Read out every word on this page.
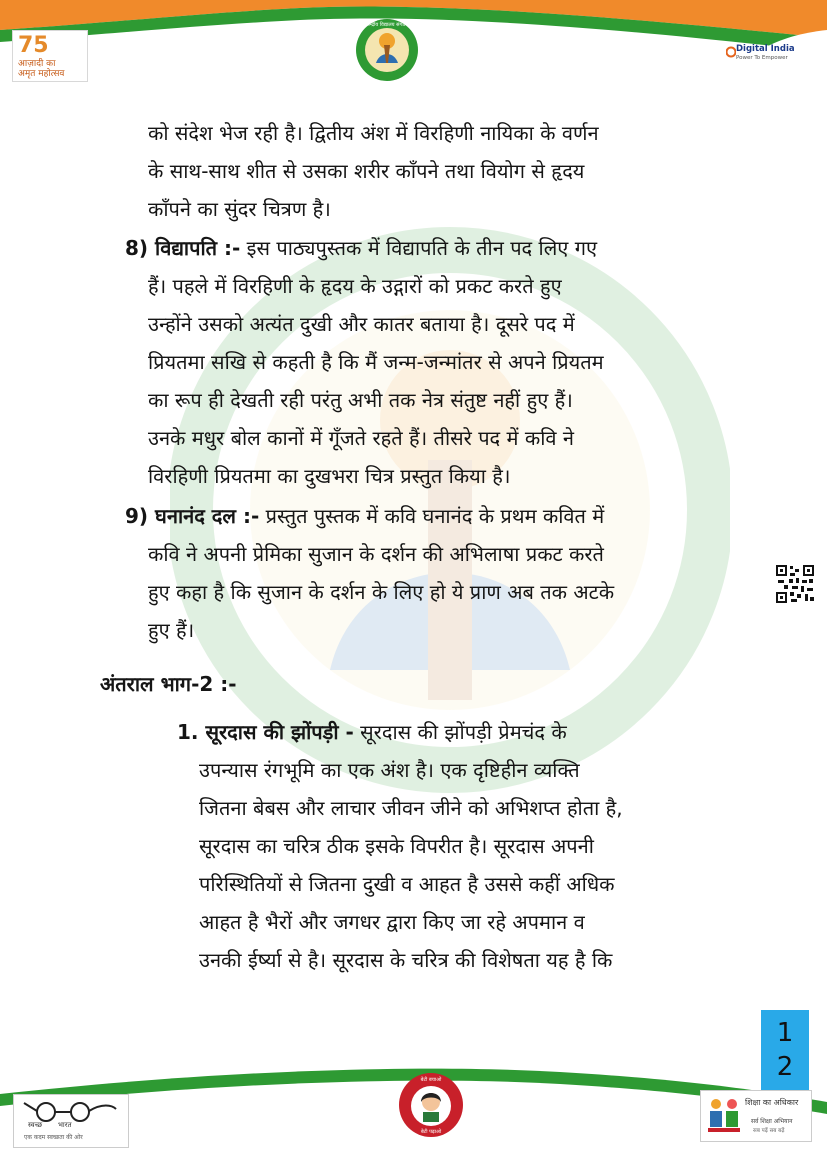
75
आज़ादी का
अमृत महोत्सव
केन्द्रीय विद्यालय संगठन
Digital India
Power To Empower
को संदेश भेज रही है। द्वितीय अंश में विरहिणी नायिका के वर्णन
के साथ-साथ शीत से उसका शरीर काँपने तथा वियोग से हृदय
काँपने का सुंदर चित्रण है।
8) विद्यापति :- इस पाठ्यपुस्तक में विद्यापति के तीन पद लिए गए
हैं। पहले में विरहिणी के हृदय के उद्गारों को प्रकट करते हुए
उन्होंने उसको अत्यंत दुखी और कातर बताया है। दूसरे पद में
प्रियतमा सखि से कहती है कि मैं जन्म-जन्मांतर से अपने प्रियतम
का रूप ही देखती रही परंतु अभी तक नेत्र संतुष्ट नहीं हुए हैं।
उनके मधुर बोल कानों में गूँजते रहते हैं। तीसरे पद में कवि ने
विरहिणी प्रियतमा का दुखभरा चित्र प्रस्तुत किया है।
9) घनानंद दल :- प्रस्तुत पुस्तक में कवि घनानंद के प्रथम कवित में
कवि ने अपनी प्रेमिका सुजान के दर्शन की अभिलाषा प्रकट करते
हुए कहा है कि सुजान के दर्शन के लिए हो ये प्राण अब तक अटके
हुए हैं।
अंतराल भाग-2 :-
1. सूरदास की झोंपड़ी - सूरदास की झोंपड़ी प्रेमचंद के
उपन्यास रंगभूमि का एक अंश है। एक दृष्टिहीन व्यक्ति
जितना बेबस और लाचार जीवन जीने को अभिशप्त होता है,
सूरदास का चरित्र ठीक इसके विपरीत है। सूरदास अपनी
परिस्थितियों से जितना दुखी व आहत है उससे कहीं अधिक
आहत है भैरों और जगधर द्वारा किए जा रहे अपमान व
उनकी ईर्ष्या से है। सूरदास के चरित्र की विशेषता यह है कि
1
2
स्वच्छ भारत
एक कदम स्वच्छता की ओर
बेटी बचाओ
बेटी पढ़ाओ
शिक्षा का अधिकार
सर्व शिक्षा अभियान
सब पढ़ें सब बढ़ें
